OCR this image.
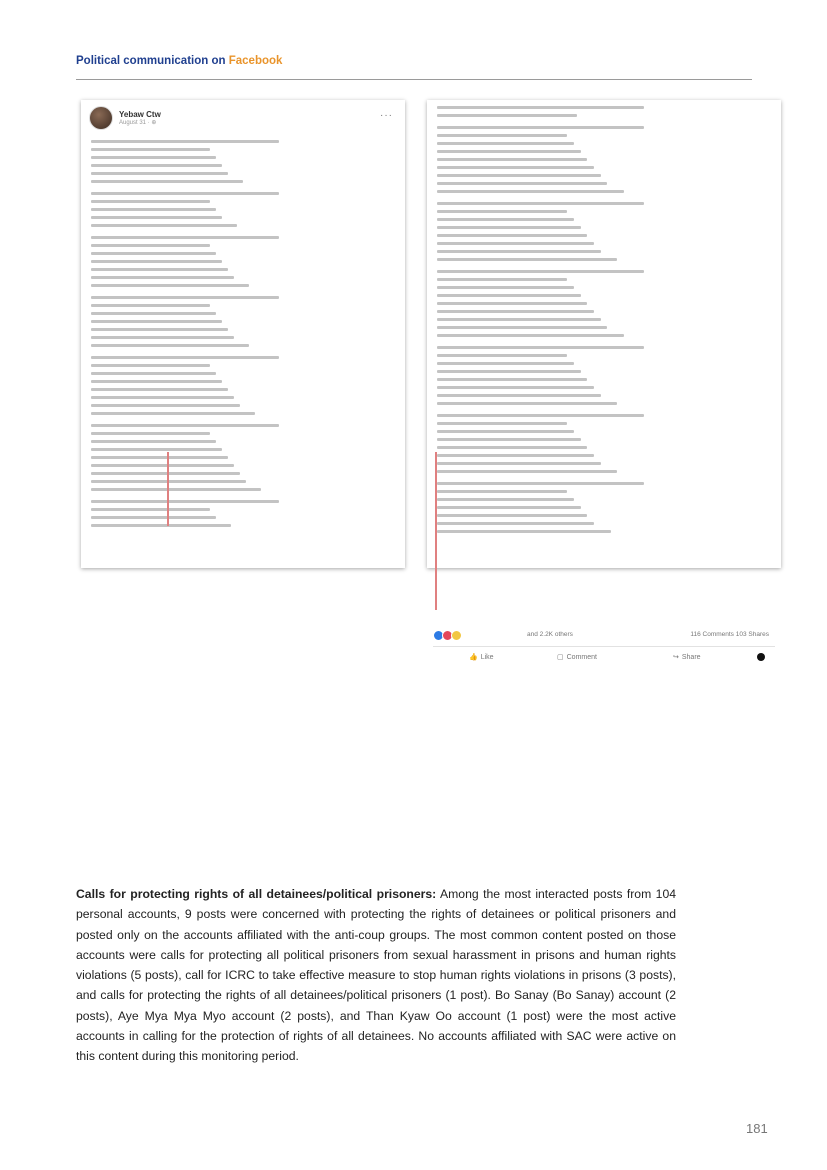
Political communication on Facebook
Yebaw Ctw
August 31 · ⊕
···
and 2.2K others	116 Comments 103 Shares
👍 Like	▢ Comment	↪ Share
Calls for protecting rights of all detainees/political prisoners: Among the most interacted posts from 104 personal accounts, 9 posts were concerned with protecting the rights of detainees or political prisoners and posted only on the accounts affiliated with the anti-coup groups. The most common content posted on those accounts were calls for protecting all political prisoners from sexual harassment in prisons and human rights violations (5 posts), call for ICRC to take effective measure to stop human rights violations in prisons (3 posts), and calls for protecting the rights of all detainees/political prisoners (1 post). Bo Sanay (Bo Sanay) account (2 posts), Aye Mya Mya Myo account (2 posts), and Than Kyaw Oo account (1 post) were the most active accounts in calling for the protection of rights of all detainees. No accounts affiliated with SAC were active on this content during this monitoring period.
181
